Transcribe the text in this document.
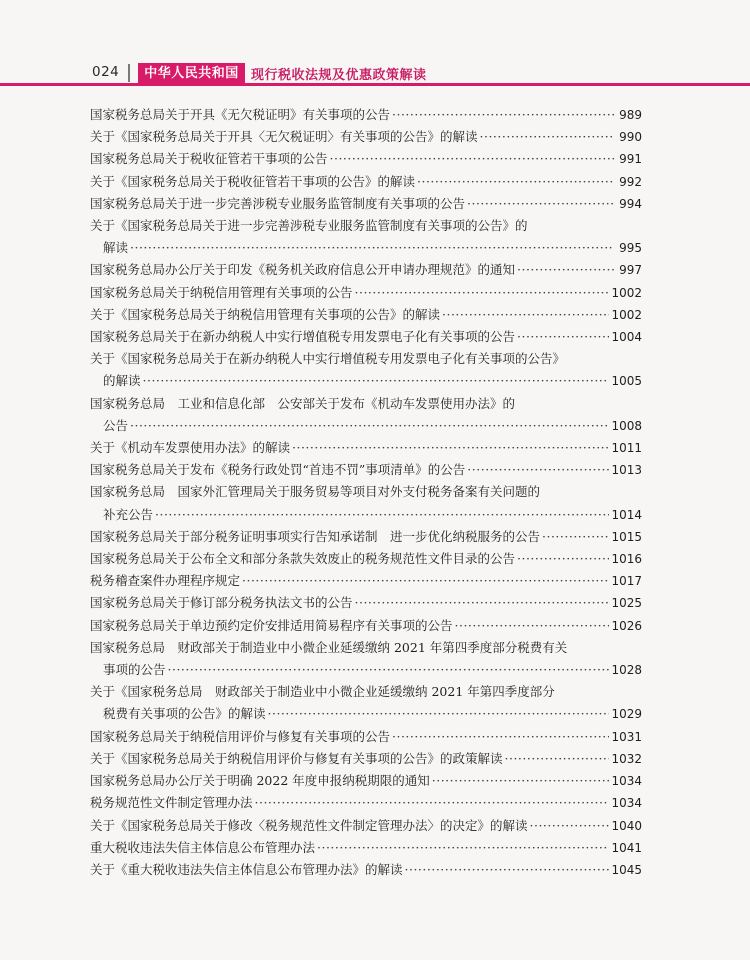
024	中华人民共和国 现行税收法规及优惠政策解读
国家税务总局关于开具《无欠税证明》有关事项的公告 ·····	989
关于《国家税务总局关于开具〈无欠税证明〉有关事项的公告》的解读 ·····	990
国家税务总局关于税收征管若干事项的公告 ·····	991
关于《国家税务总局关于税收征管若干事项的公告》的解读 ·····	992
国家税务总局关于进一步完善涉税专业服务监管制度有关事项的公告 ·····	994
关于《国家税务总局关于进一步完善涉税专业服务监管制度有关事项的公告》的
解读 ·····	995
国家税务总局办公厅关于印发《税务机关政府信息公开申请办理规范》的通知 ·····	997
国家税务总局关于纳税信用管理有关事项的公告 ·····	1002
关于《国家税务总局关于纳税信用管理有关事项的公告》的解读 ·····	1002
国家税务总局关于在新办纳税人中实行增值税专用发票电子化有关事项的公告 ·····	1004
关于《国家税务总局关于在新办纳税人中实行增值税专用发票电子化有关事项的公告》
的解读 ·····	1005
国家税务总局　工业和信息化部　公安部关于发布《机动车发票使用办法》的
公告 ·····	1008
关于《机动车发票使用办法》的解读 ·····	1011
国家税务总局关于发布《税务行政处罚“首违不罚”事项清单》的公告 ·····	1013
国家税务总局　国家外汇管理局关于服务贸易等项目对外支付税务备案有关问题的
补充公告 ·····	1014
国家税务总局关于部分税务证明事项实行告知承诺制　进一步优化纳税服务的公告 ·····	1015
国家税务总局关于公布全文和部分条款失效废止的税务规范性文件目录的公告 ·····	1016
税务稽查案件办理程序规定 ·····	1017
国家税务总局关于修订部分税务执法文书的公告 ·····	1025
国家税务总局关于单边预约定价安排适用简易程序有关事项的公告 ·····	1026
国家税务总局　财政部关于制造业中小微企业延缓缴纳 2021 年第四季度部分税费有关
事项的公告 ·····	1028
关于《国家税务总局　财政部关于制造业中小微企业延缓缴纳 2021 年第四季度部分
税费有关事项的公告》的解读 ·····	1029
国家税务总局关于纳税信用评价与修复有关事项的公告 ·····	1031
关于《国家税务总局关于纳税信用评价与修复有关事项的公告》的政策解读 ·····	1032
国家税务总局办公厅关于明确 2022 年度申报纳税期限的通知 ·····	1034
税务规范性文件制定管理办法 ·····	1034
关于《国家税务总局关于修改〈税务规范性文件制定管理办法〉的决定》的解读 ·····	1040
重大税收违法失信主体信息公布管理办法 ·····	1041
关于《重大税收违法失信主体信息公布管理办法》的解读 ·····	1045
